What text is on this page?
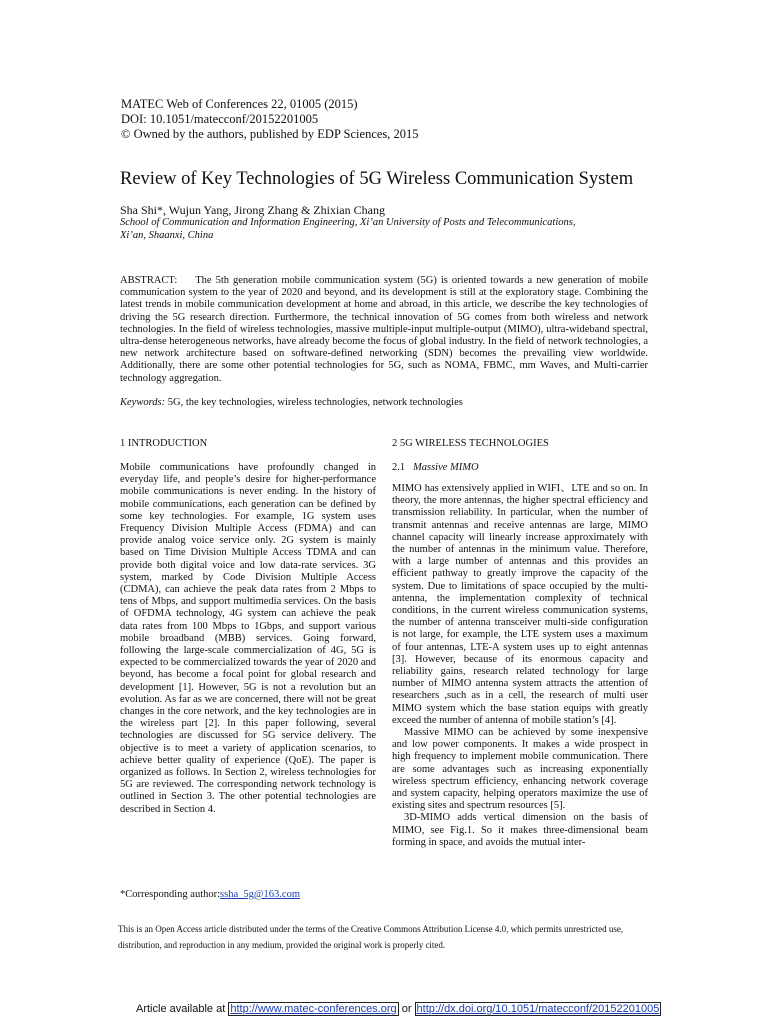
MATEC Web of Conferences 22, 01005 (2015)
DOI: 10.1051/matecconf/20152201005
© Owned by the authors, published by EDP Sciences, 2015
Review of Key Technologies of 5G Wireless Communication System
Sha Shi*, Wujun Yang, Jirong Zhang & Zhixian Chang
School of Communication and Information Engineering, Xi’an University of Posts and Telecommunications,
Xi’an, Shaanxi, China
ABSTRACT: The 5th generation mobile communication system (5G) is oriented towards a new generation of mobile communication system to the year of 2020 and beyond, and its development is still at the exploratory stage. Combining the latest trends in mobile communication development at home and abroad, in this article, we describe the key technologies of driving the 5G research direction. Furthermore, the technical innovation of 5G comes from both wireless and network technologies. In the field of wireless technologies, massive multiple-input multiple-output (MIMO), ultra-wideband spectral, ultra-dense heterogeneous networks, have already become the focus of global industry. In the field of network technologies, a new network architecture based on software-defined networking (SDN) becomes the prevailing view worldwide. Additionally, there are some other potential technologies for 5G, such as NOMA, FBMC, mm Waves, and Multi-carrier technology aggregation.
Keywords: 5G, the key technologies, wireless technologies, network technologies
1 INTRODUCTION

Mobile communications have profoundly changed in everyday life, and people’s desire for higher-performance mobile communications is never ending. In the history of mobile communications, each generation can be defined by some key technologies. For example, 1G system uses Frequency Division Multiple Access (FDMA) and can provide analog voice service only. 2G system is mainly based on Time Division Multiple Access TDMA and can provide both digital voice and low data-rate services. 3G system, marked by Code Division Multiple Access (CDMA), can achieve the peak data rates from 2 Mbps to tens of Mbps, and support multimedia services. On the basis of OFDMA technology, 4G system can achieve the peak data rates from 100 Mbps to 1Gbps, and support various mobile broadband (MBB) services. Going forward, following the large-scale commercialization of 4G, 5G is expected to be commercialized towards the year of 2020 and beyond, has become a focal point for global research and development [1]. However, 5G is not a revolution but an evolution. As far as we are concerned, there will not be great changes in the core network, and the key technologies are in the wireless part [2]. In this paper following, several technologies are discussed for 5G service delivery. The objective is to meet a variety of application scenarios, to achieve better quality of experience (QoE). The paper is organized as follows. In Section 2, wireless technologies for 5G are reviewed. The corresponding network technology is outlined in Section 3. The other potential technologies are described in Section 4.

2 5G WIRELESS TECHNOLOGIES
2.1 Massive MIMO

MIMO has extensively applied in WIFI、LTE and so on. In theory, the more antennas, the higher spectral efficiency and transmission reliability. In particular, when the number of transmit antennas and receive antennas are large, MIMO channel capacity will linearly increase approximately with the number of antennas in the minimum value. Therefore, with a large number of antennas and this provides an efficient pathway to greatly improve the capacity of the system. Due to limitations of space occupied by the multi-antenna, the implementation complexity of technical conditions, in the current wireless communication systems, the number of antenna transceiver multi-side configuration is not large, for example, the LTE system uses a maximum of four antennas, LTE-A system uses up to eight antennas [3]. However, because of its enormous capacity and reliability gains, research related technology for large number of MIMO antenna system attracts the attention of researchers ,such as in a cell, the research of multi user MIMO system which the base station equips with greatly exceed the number of antenna of mobile station’s [4].

Massive MIMO can be achieved by some inexpensive and low power components. It makes a wide prospect in high frequency to implement mobile communication. There are some advantages such as increasing exponentially wireless spectrum efficiency, enhancing network coverage and system capacity, helping operators maximize the use of existing sites and spectrum resources [5].

3D-MIMO adds vertical dimension on the basis of MIMO, see Fig.1. So it makes three-dimensional beam forming in space, and avoids the mutual inter-

*Corresponding author:ssha_5g@163.com
This is an Open Access article distributed under the terms of the Creative Commons Attribution License 4.0, which permits unrestricted use, distribution, and reproduction in any medium, provided the original work is properly cited.
Article available at http://www.matec-conferences.org or http://dx.doi.org/10.1051/matecconf/20152201005
